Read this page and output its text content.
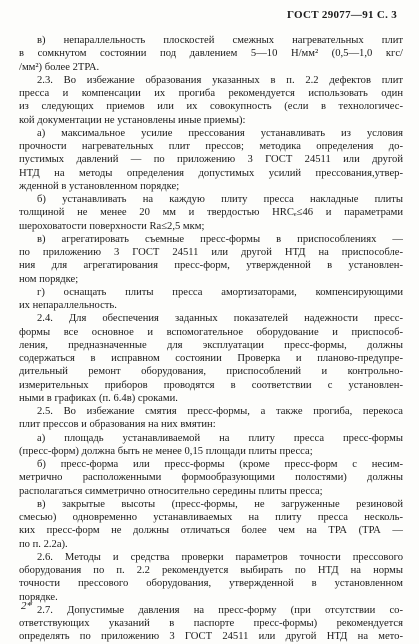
ГОСТ 29077—91 С. 3
в) непараллельность плоскостей смежных нагревательных плит
в сомкнутом состоянии под давлением 5—10 Н/мм² (0,5—1,0 кгс/
/мм²) более 2ТРА.
2.3. Во избежание образования указанных в п. 2.2 дефектов плит
пресса и компенсации их прогиба рекомендуется использовать один
из следующих приемов или их совокупность (если в технологичес-
кой документации не установлены иные приемы):
а) максимальное усилие прессования устанавливать из условия
прочности нагревательных плит прессов; методика определения до-
пустимых давлений — по приложению 3 ГОСТ 24511 или другой
НТД на методы определения допустимых усилий прессования,утвер-
жденной в установленном порядке;
б) устанавливать на каждую плиту пресса накладные плиты
толщиной не менее 20 мм и твердостью HRCₑ≤46 и параметрами
шероховатости поверхности Ra≤2,5 мкм;
в) агрегатировать съемные пресс-формы в приспособлениях —
по приложению 3 ГОСТ 24511 или другой НТД на приспособле-
ния для агрегатирования пресс-форм, утвержденной в установлен-
ном порядке;
г) оснащать плиты пресса амортизаторами, компенсирующими
их непараллельность.
2.4. Для обеспечения заданных показателей надежности пресс-
формы все основное и вспомогательное оборудование и приспособ-
ления, предназначенные для эксплуатации пресс-формы, должны
содержаться в исправном состоянии Проверка и планово-предупре-
дительный ремонт оборудования, приспособлений и контрольно-
измерительных приборов проводятся в соответствии с установлен-
ными в графиках (п. 6.4в) сроками.
2.5. Во избежание смятия пресс-формы, а также прогиба, перекоса
плит прессов и образования на них вмятин:
а) площадь устанавливаемой на плиту пресса пресс-формы
(пресс-форм) должна быть не менее 0,15 площади плиты пресса;
б) пресс-форма или пресс-формы (кроме пресс-форм с несим-
метрично расположенными формообразующими полостями) должны
располагаться симметрично относительно середины плиты пресса;
в) закрытые высоты (пресс-формы, не загруженные резиновой
смесью) одновременно устанавливаемых на плиту пресса несколь-
ких пресс-форм не должны отличаться более чем на ТРА (ТРА —
по п. 2.2а).
2.6. Методы и средства проверки параметров точности прессового
оборудования по п. 2.2 рекомендуется выбирать по НТД на нормы
точности прессового оборудования, утвержденной в установленном
порядке.
2.7. Допустимые давления на пресс-форму (при отсутствии со-
ответствующих указаний в паспорте пресс-формы) рекомендуется
определять по приложению 3 ГОСТ 24511 или другой НТД на мето-
2*
